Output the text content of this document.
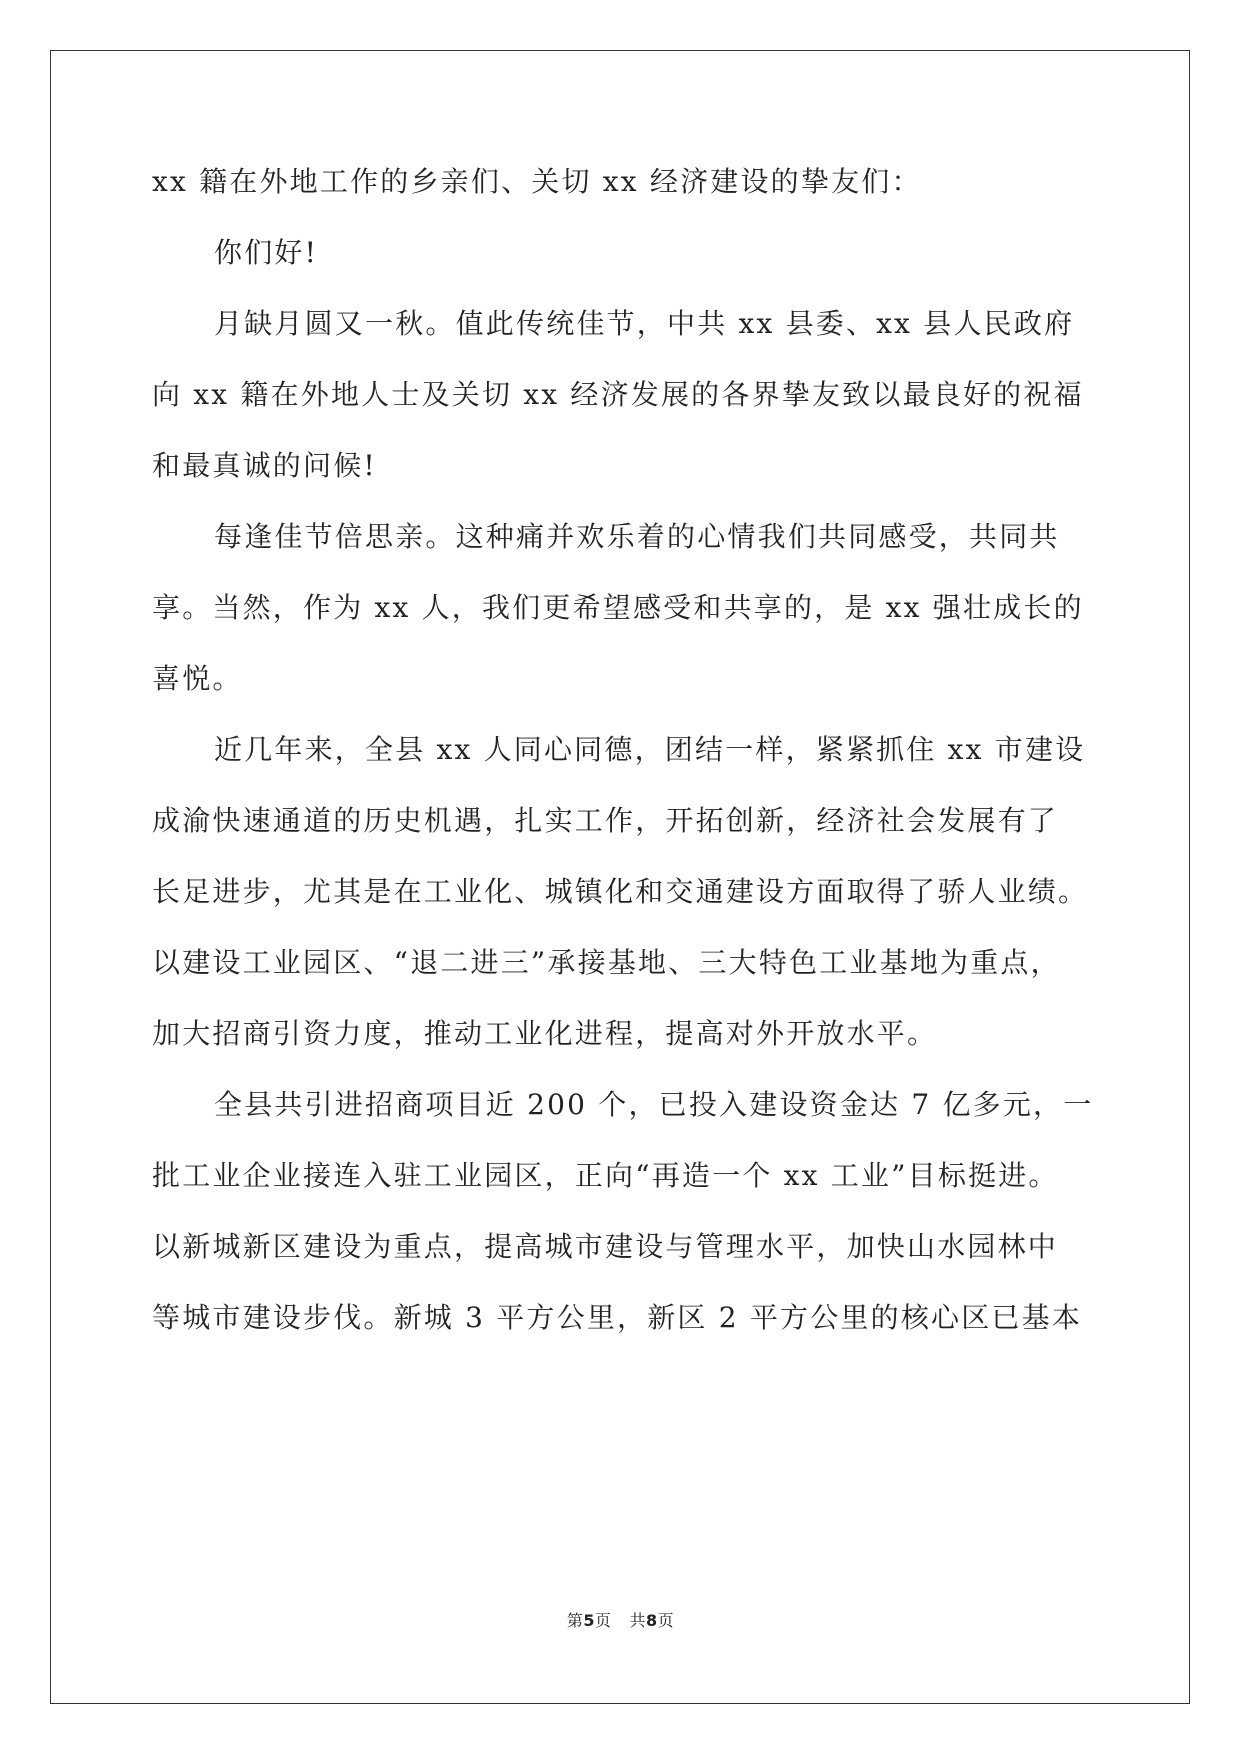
xx 籍在外地工作的乡亲们、关切 xx 经济建设的挚友们：
你们好!
月缺月圆又一秋。值此传统佳节，中共 xx 县委、xx 县人民政府
向 xx 籍在外地人士及关切 xx 经济发展的各界挚友致以最良好的祝福
和最真诚的问候!
每逢佳节倍思亲。这种痛并欢乐着的心情我们共同感受，共同共
享。当然，作为 xx 人，我们更希望感受和共享的，是 xx 强壮成长的
喜悦。
近几年来，全县 xx 人同心同德，团结一样，紧紧抓住 xx 市建设
成渝快速通道的历史机遇，扎实工作，开拓创新，经济社会发展有了
长足进步，尤其是在工业化、城镇化和交通建设方面取得了骄人业绩。
以建设工业园区、“退二进三”承接基地、三大特色工业基地为重点，
加大招商引资力度，推动工业化进程，提高对外开放水平。
全县共引进招商项目近 200 个，已投入建设资金达 7 亿多元，一
批工业企业接连入驻工业园区，正向“再造一个 xx 工业”目标挺进。
以新城新区建设为重点，提高城市建设与管理水平，加快山水园林中
等城市建设步伐。新城 3 平方公里，新区 2 平方公里的核心区已基本
第5页 共8页
